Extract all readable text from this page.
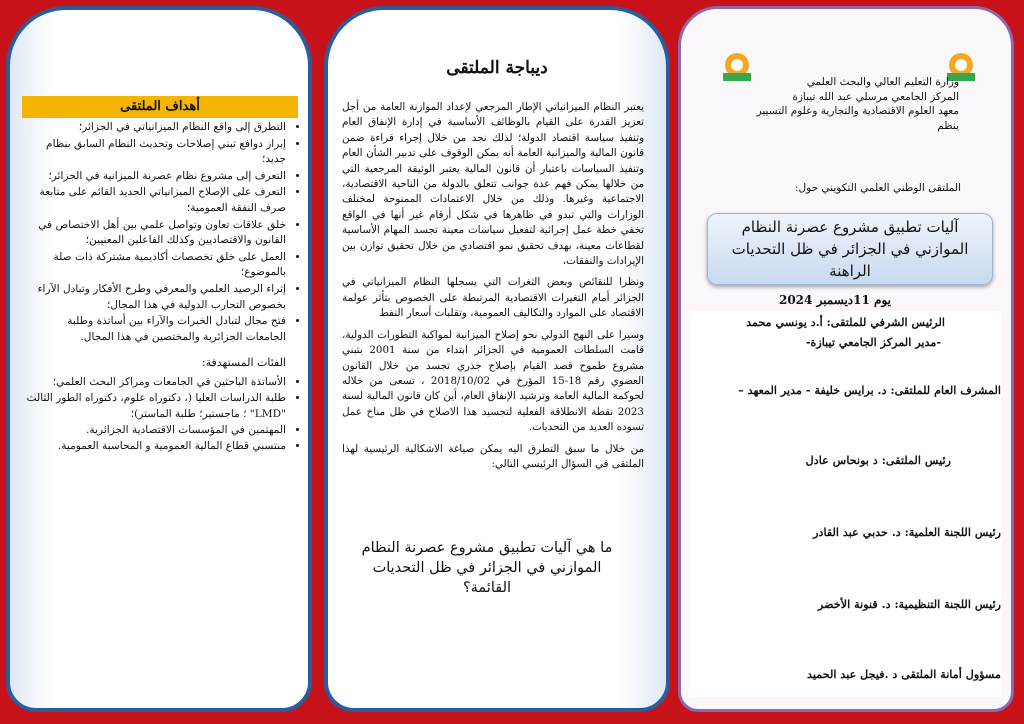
أهداف الملتقى
• التطرق إلى واقع النظام الميزانياتي في الجزائر؛
• إبراز دوافع تبني إصلاحات وتحديث النظام السابق بنظام جديد؛
• التعرف إلى مشروع نظام عصرنة الميزانية في الجزائر؛
• التعرف على الإصلاح الميزانياتي الجديد القائم على متابعة صرف النفقة العمومية؛
• خلق علاقات تعاون وتواصل علمي بين أهل الاختصاص في القانون والاقتصاديين وكذلك الفاعلين المعنيين؛
• العمل على خلق تخصصات أكاديمية مشتركة ذات صلة بالموضوع؛
• إثراء الرصيد العلمي والمعرفي وطرح الأفكار وتبادل الآراء بخصوص التجارب الدولية في هذا المجال؛
• فتح مجال لتبادل الخبرات والآراء بين أساتذة وطلبة الجامعات الجزائرية والمختصين في هذا المجال.
الفئات المستهدفة:
• الأساتذة الباحثين في الجامعات ومراكز البحث العلمي؛
• طلبة الدراسات العليا (، دكتوراه علوم، دكتوراه الطور الثالث "LMD" ؛ ماجستير؛ طلبة الماستر)؛
• المهتمين في المؤسسات الاقتصادية الجزائرية.
• منتسبي قطاع المالية العمومية و المحاسبة العمومية.
ديباجة الملتقى

يعتبر النظام الميزانياتي الإطار المرجعي لإعداد الموازنة العامة من أجل تعزيز القدرة على القيام بالوظائف الأساسية في إدارة الإنفاق العام وتنفيذ سياسة اقتصاد الدولة؛ لذلك نجد من خلال إجراء قراءة ضمن قانون المالية والميزانية العامة أنه يمكن الوقوف على تدبير الشأن العام وتنفيذ السياسات باعتبار أن قانون المالية يعتبر الوثيقة المرجعية التي من خلالها يمكن فهم عدة جوانب تتعلق بالدولة من الناحية الاقتصادية، الاجتماعية وغيرها. وذلك من خلال الاعتمادات الممنوحة لمختلف الوزارات والتي تبدو في ظاهرها في شكل أرقام غير أنها في الواقع تخفي خطة عمل إجرائية لتفعيل سياسات معينة تجسد المهام الأساسية لقطاعات معينة، بهدف تحقيق نمو اقتصادي من خلال تحقيق توازن بين الإيرادات والنفقات،

ونظرا للنقائص وبعض الثغرات التي يسجلها النظام الميزانياتي في الجزائر أمام التغيرات الاقتصادية المرتبطة على الخصوص بتأثر عولمة الاقتصاد على الموارد والتكاليف العمومية، وتقلبات أسعار النفط

وسيرا على النهج الدولي نحو إصلاح الميزانية لمواكبة التطورات الدولية، قامت السلطات العمومية في الجزائر ابتداء من سنة 2001 بتبني مشروع طموح قصد القيام بإصلاح جذري تجسد من خلال القانون العضوي رقم 18-15 المؤرخ في 2018/10/02 ، تسعى من خلاله لحوكمة المالية العامة وترشيد الإنفاق العام، أين كان قانون المالية لسنة 2023 نقطة الانطلاقة الفعلية لتجسيد هذا الاصلاح في ظل مناخ عمل تسوده العديد من التحديات.

من خلال ما سبق التطرق اليه يمكن صياغة الاشكالية الرئيسية لهذا الملتقى في السؤال الرئيسي التالي:

ما هي آليات تطبيق مشروع عصرنة النظام الموازني في الجزائر في ظل التحديات القائمة؟
وزارة التعليم العالي والبحث العلمي
المركز الجامعي مرسلي عبد الله تيبازة
معهد العلوم الاقتصادية والتجارية وعلوم التسيير
ينظم
الملتقى الوطني العلمي التكويني حول:
آليات تطبيق مشروع عصرنة النظام الموازني في الجزائر في ظل التحديات الراهنة
يوم 11ديسمبر 2024
الرئيس الشرفي للملتقى: أ.د يونسي محمد
-مدير المركز الجامعي تيبازة-
المشرف العام للملتقى: د. برايس خليفة - مدير المعهد –
رئيس الملتقى: د بونحاس عادل
رئيس اللجنة العلمية: د. حدبي عبد القادر
رئيس اللجنة التنظيمية: د. قنونة الأخضر
مسؤول أمانة الملتقى د .فيجل عبد الحميد
